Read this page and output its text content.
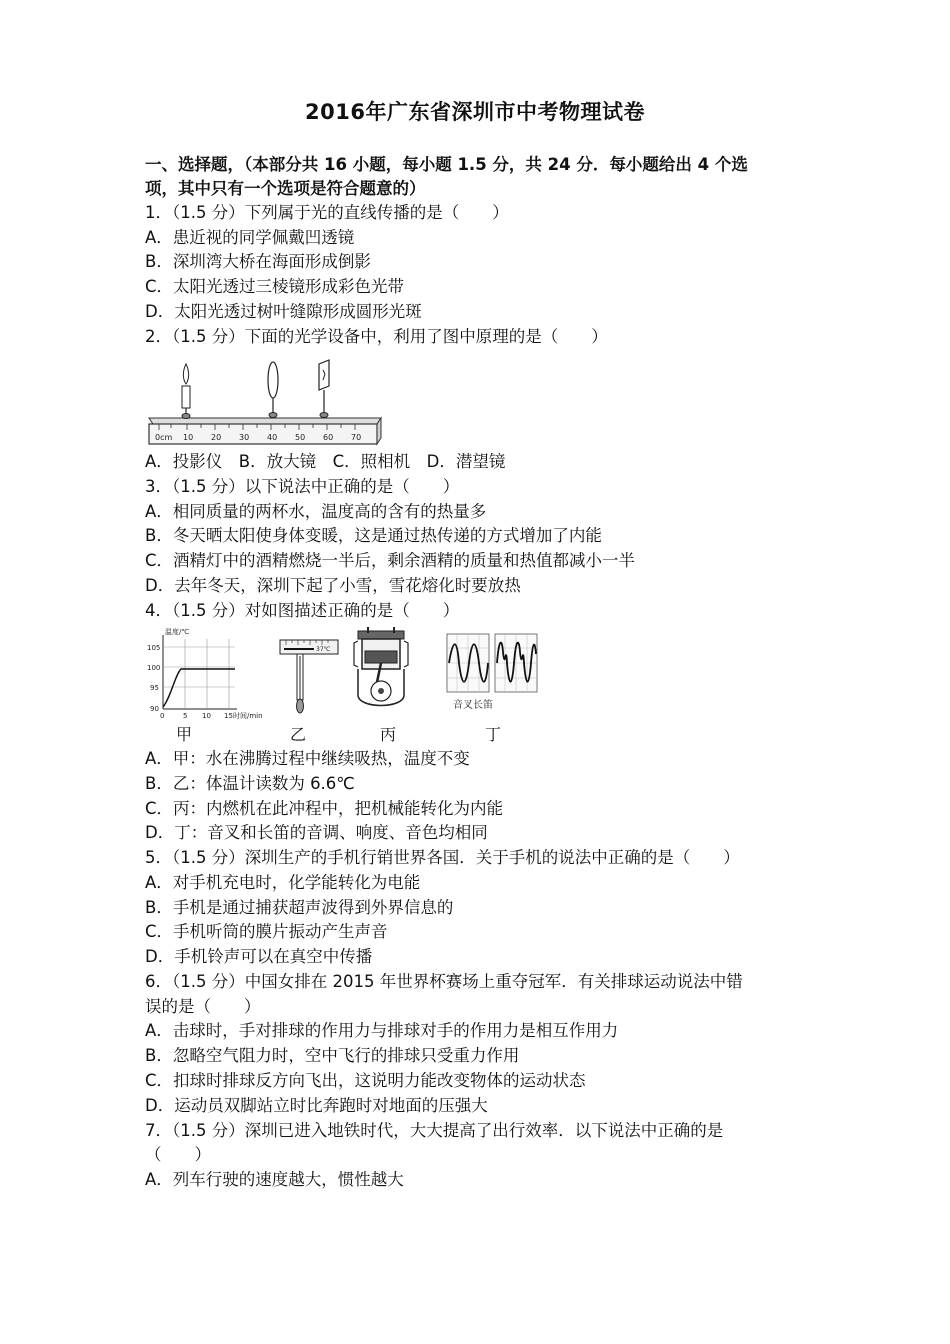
2016年广东省深圳市中考物理试卷
一、选择题，（本部分共 16 小题，每小题 1.5 分，共 24 分．每小题给出 4 个选
项，其中只有一个选项是符合题意的）
1．（1.5 分）下列属于光的直线传播的是（　　）
A．患近视的同学佩戴凹透镜
B．深圳湾大桥在海面形成倒影
C．太阳光透过三棱镜形成彩色光带
D．太阳光透过树叶缝隙形成圆形光斑
2．（1.5 分）下面的光学设备中，利用了图中原理的是（　　）
0cm 10 20 30 40 50 60 70
A．投影仪　B．放大镜　C．照相机　D．潜望镜
3．（1.5 分）以下说法中正确的是（　　）
A．相同质量的两杯水，温度高的含有的热量多
B．冬天晒太阳使身体变暖，这是通过热传递的方式增加了内能
C．酒精灯中的酒精燃烧一半后，剩余酒精的质量和热值都减小一半
D．去年冬天，深圳下起了小雪，雪花熔化时要放热
4．（1.5 分）对如图描述正确的是（　　）
温度/℃
105
100
95
90
0	5 10 15 时间/min
37℃
音叉长笛
甲	乙	丙	丁
A．甲：水在沸腾过程中继续吸热，温度不变
B．乙：体温计读数为 6.6℃
C．丙：内燃机在此冲程中，把机械能转化为内能
D．丁：音叉和长笛的音调、响度、音色均相同
5．（1.5 分）深圳生产的手机行销世界各国．关于手机的说法中正确的是（　　）
A．对手机充电时，化学能转化为电能
B．手机是通过捕获超声波得到外界信息的
C．手机听筒的膜片振动产生声音
D．手机铃声可以在真空中传播
6．（1.5 分）中国女排在 2015 年世界杯赛场上重夺冠军．有关排球运动说法中错
误的是（　　）
A．击球时，手对排球的作用力与排球对手的作用力是相互作用力
B．忽略空气阻力时，空中飞行的排球只受重力作用
C．扣球时排球反方向飞出，这说明力能改变物体的运动状态
D．运动员双脚站立时比奔跑时对地面的压强大
7．（1.5 分）深圳已进入地铁时代，大大提高了出行效率．以下说法中正确的是
（　　）
A．列车行驶的速度越大，惯性越大
